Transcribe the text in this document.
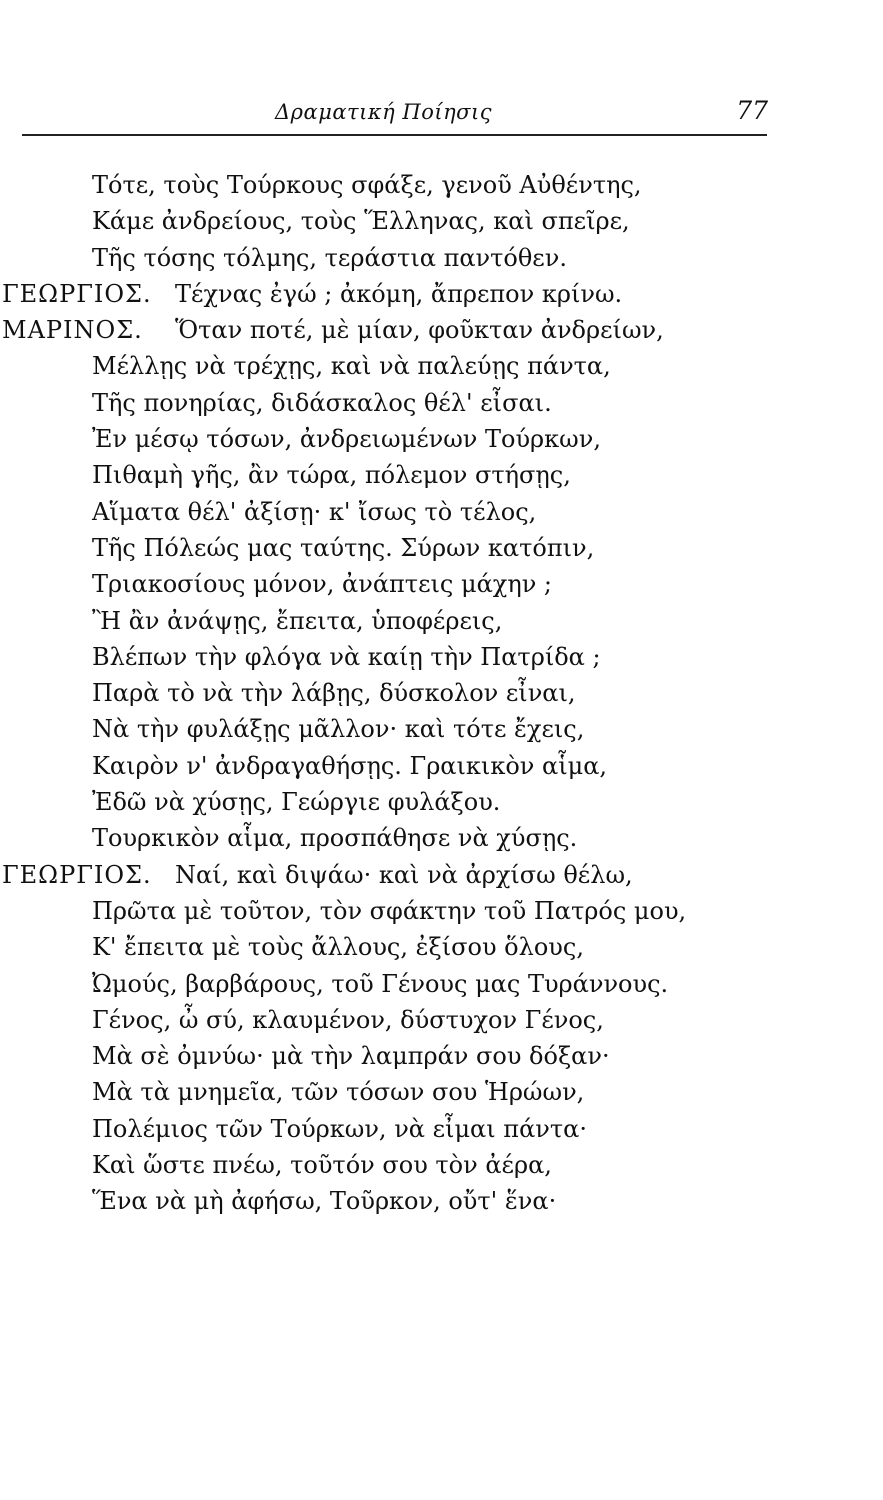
Δραματική Ποίησις	77
Τότε, τοὺς Τούρκους σφάξε, γενοῦ Αὐθέντης,
Κάμε ἀνδρείους, τοὺς Ἕλληνας, καὶ σπεῖρε,
Τῆς τόσης τόλμης, τεράστια παντόθεν.
ΓΕΩΡΓΙΟΣ. Τέχνας ἐγώ ; ἀκόμη, ἄπρεπον κρίνω.
ΜΑΡΙΝΟΣ. Ὅταν ποτέ, μὲ μίαν, φοῦκταν ἀνδρείων,
Μέλλῃς νὰ τρέχῃς, καὶ νὰ παλεύῃς πάντα,
Τῆς πονηρίας, διδάσκαλος θέλ' εἶσαι.
Ἐν μέσῳ τόσων, ἀνδρειωμένων Τούρκων,
Πιθαμὴ γῆς, ἂν τώρα, πόλεμον στήσῃς,
Αἵματα θέλ' ἀξίσῃ· κ' ἴσως τὸ τέλος,
Τῆς Πόλεώς μας ταύτης. Σύρων κατόπιν,
Τριακοσίους μόνον, ἀνάπτεις μάχην ;
Ἢ ἂν ἀνάψῃς, ἔπειτα, ὑποφέρεις,
Βλέπων τὴν φλόγα νὰ καίῃ τὴν Πατρίδα ;
Παρὰ τὸ νὰ τὴν λάβῃς, δύσκολον εἶναι,
Νὰ τὴν φυλάξῃς μᾶλλον· καὶ τότε ἔχεις,
Καιρὸν ν' ἀνδραγαθήσῃς. Γραικικὸν αἷμα,
Ἐδῶ νὰ χύσῃς, Γεώργιε φυλάξου.
Τουρκικὸν αἷμα, προσπάθησε νὰ χύσῃς.
ΓΕΩΡΓΙΟΣ. Ναί, καὶ διψάω· καὶ νὰ ἀρχίσω θέλω,
Πρῶτα μὲ τοῦτον, τὸν σφάκτην τοῦ Πατρός μου,
Κ' ἔπειτα μὲ τοὺς ἄλλους, ἐξίσου ὅλους,
Ὠμούς, βαρβάρους, τοῦ Γένους μας Τυράννους.
Γένος, ὦ σύ, κλαυμένον, δύστυχον Γένος,
Μὰ σὲ ὀμνύω· μὰ τὴν λαμπράν σου δόξαν·
Μὰ τὰ μνημεῖα, τῶν τόσων σου Ἡρώων,
Πολέμιος τῶν Τούρκων, νὰ εἶμαι πάντα·
Καὶ ὥστε πνέω, τοῦτόν σου τὸν ἀέρα,
Ἕνα νὰ μὴ ἀφήσω, Τοῦρκον, οὔτ' ἕνα·
